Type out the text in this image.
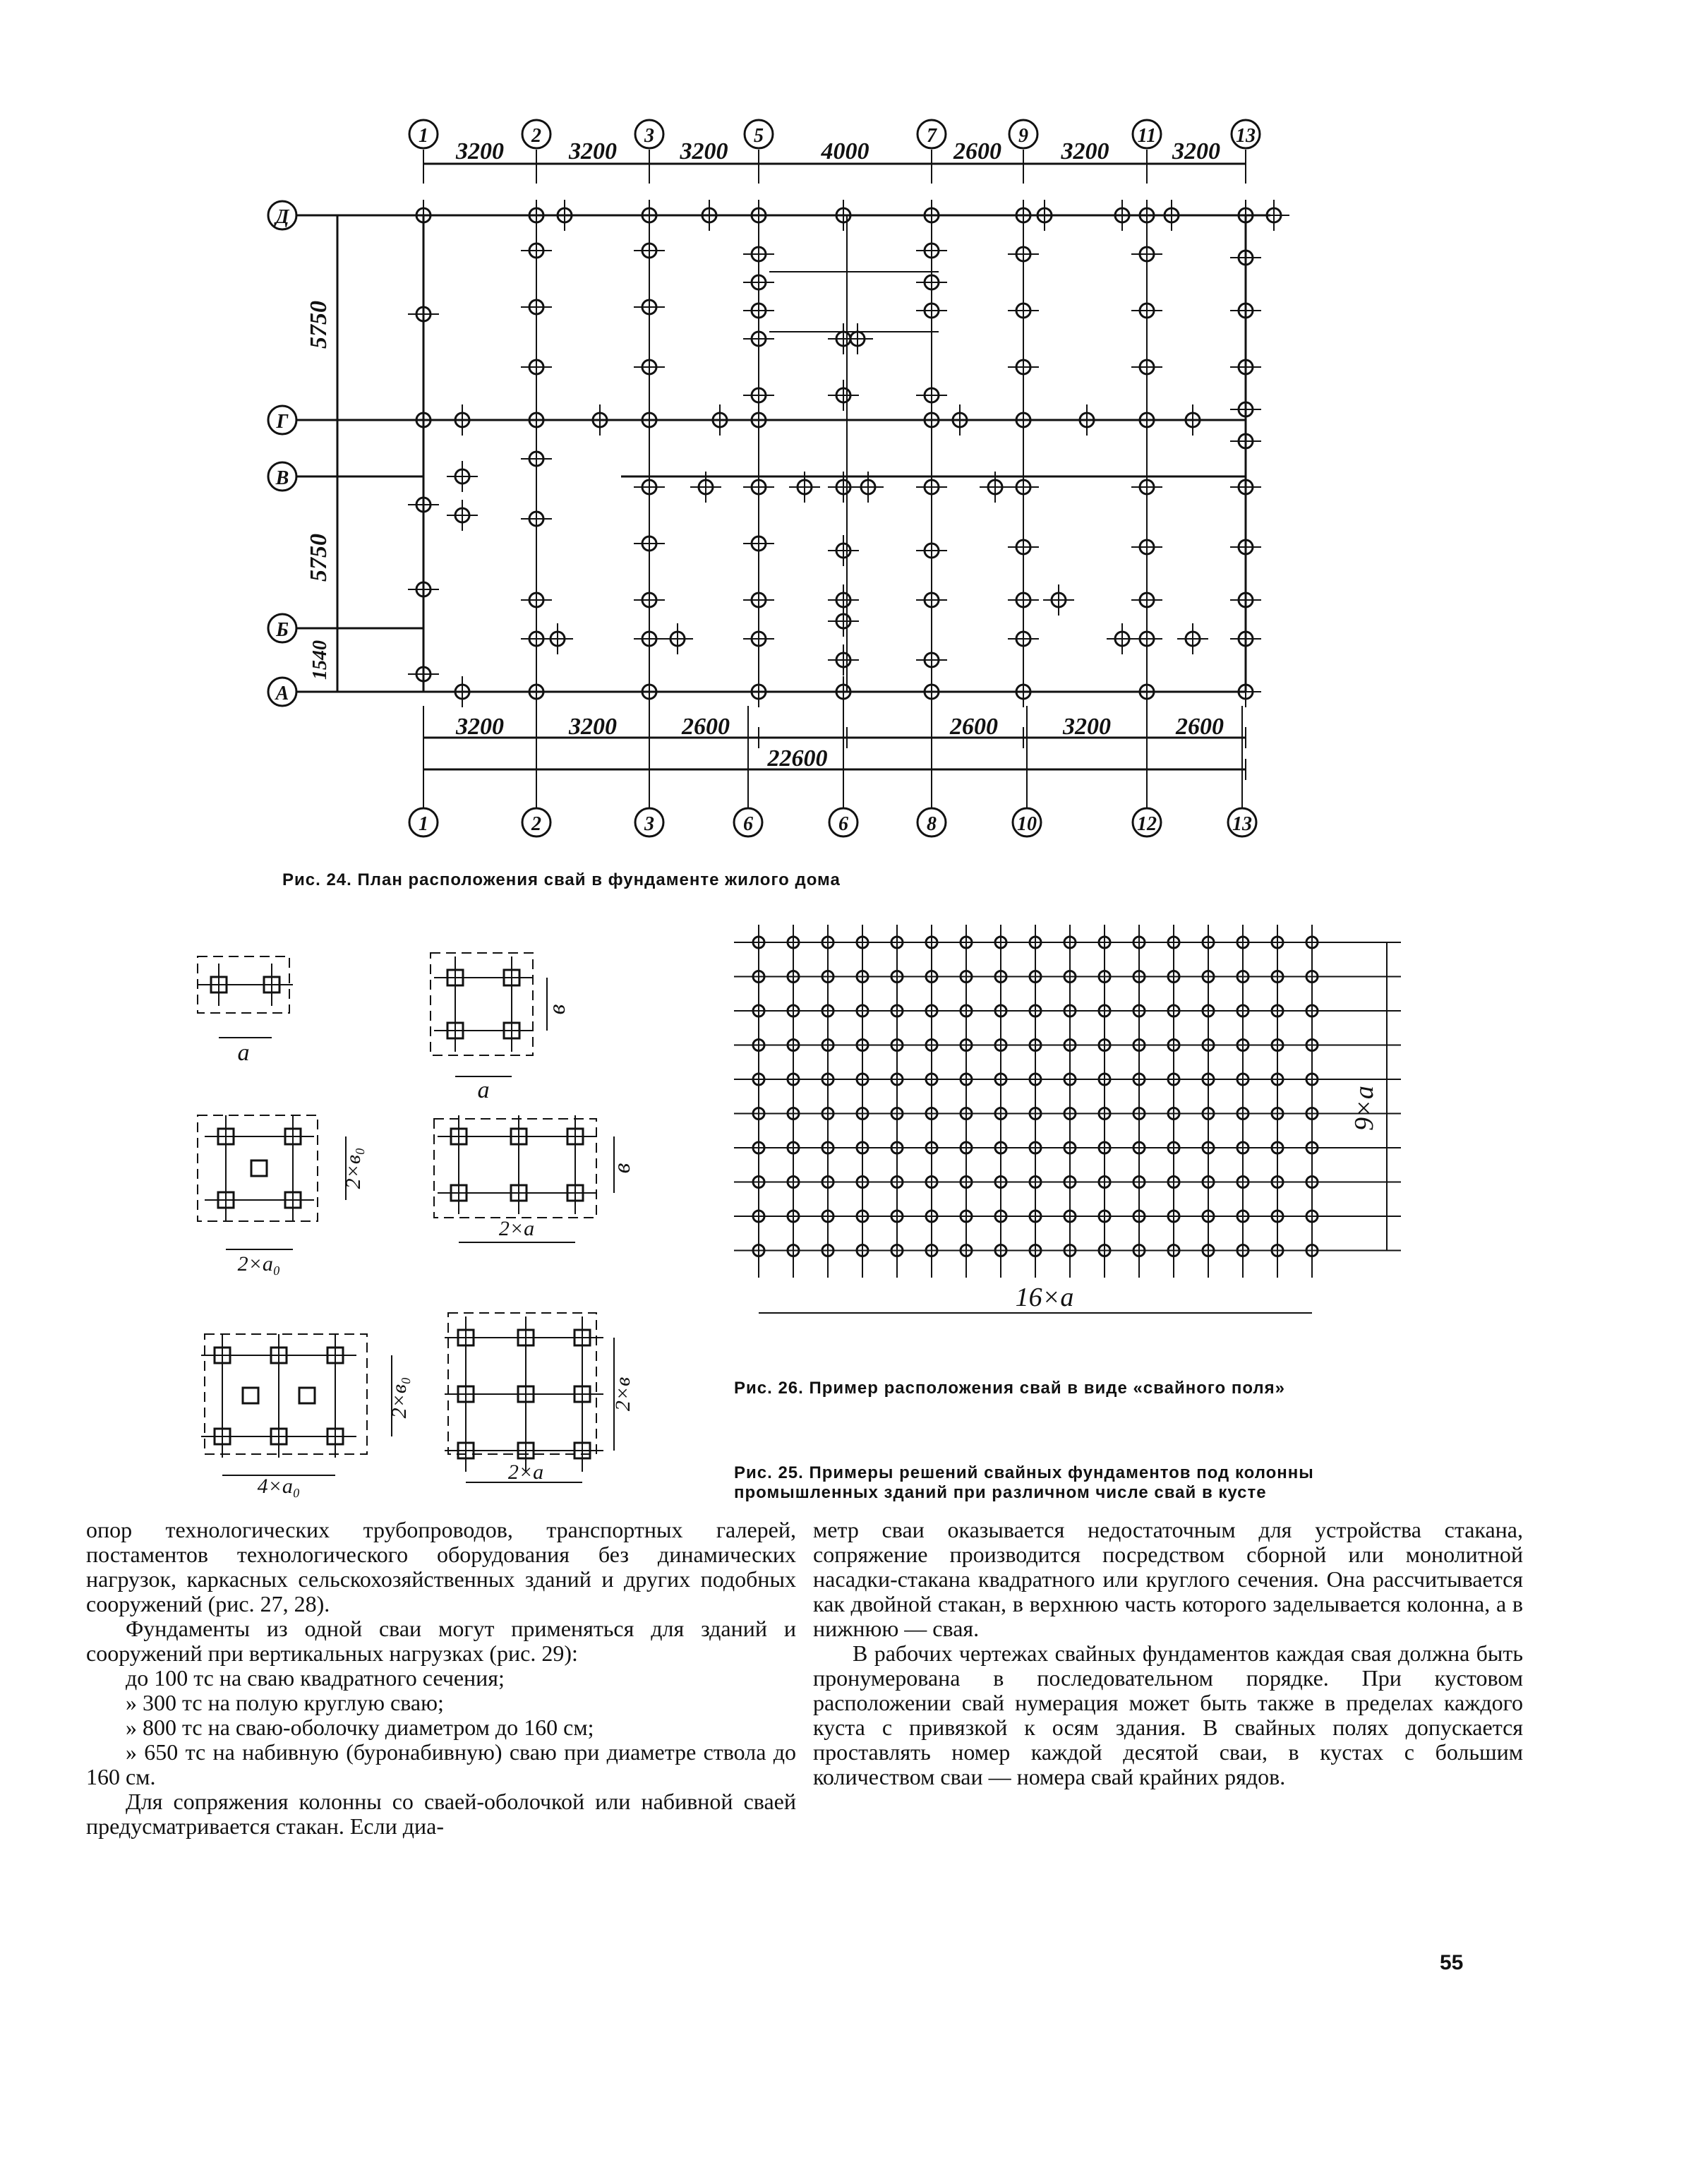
1	2	3	5	7	9	11	13
3200	3200	3200	4000	2600 3200	3200
Д
Г
В
Б
А
5750
5750
1540
3200	3200	2600	2600	3200	2600
22600
1	2	3	6	6	8	10	12	13
Рис. 24. План расположения свай в фундаменте жилого дома
а
а
в
2×в₀
2×а₀
в
2×а
2×в₀
4×а₀
2×в
2×а
16×а
9×а
Рис. 26. Пример расположения свай в виде «свайного поля»
Рис. 25. Примеры решений свайных фундаментов под колонны
промышленных зданий при различном числе свай в кусте

опор технологических трубопроводов, транспортных галерей, постаментов технологического оборудования без динамических нагрузок, каркасных сельскохозяйственных зданий и других подобных сооружений (рис. 27, 28).

Фундаменты из одной сваи могут применяться для зданий и сооружений при вертикальных нагрузках (рис. 29):

до 100 тс на сваю квадратного сечения;

» 300 тс на полую круглую сваю;

» 800 тс на сваю-оболочку диаметром до 160 см;

» 650 тс на набивную (буронабивную) сваю при диаметре ствола до 160 см.

Для сопряжения колонны со сваей-оболочкой или набивной сваей предусматривается стакан. Если диа-

метр сваи оказывается недостаточным для устройства стакана, сопряжение производится посредством сборной или монолитной насадки-стакана квадратного или круглого сечения. Она рассчитывается как двойной стакан, в верхнюю часть которого заделывается колонна, а в нижнюю — свая.

В рабочих чертежах свайных фундаментов каждая свая должна быть пронумерована в последовательном порядке. При кустовом расположении свай нумерация может быть также в пределах каждого куста с привязкой к осям здания. В свайных полях допускается проставлять номер каждой десятой сваи, в кустах с большим количеством сваи — номера свай крайних рядов.

55
